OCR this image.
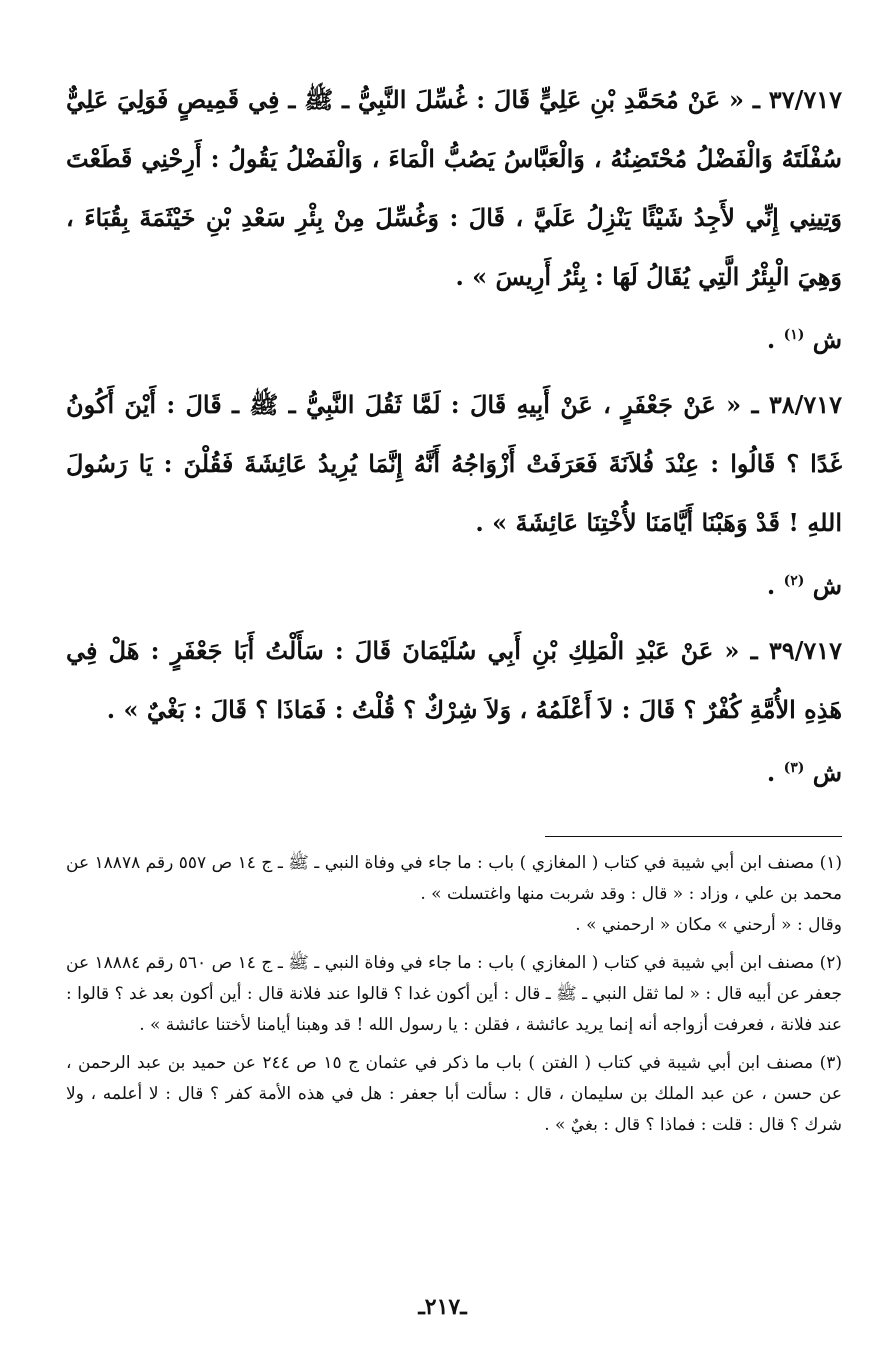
٣٧/٧١٧ ـ « عَنْ مُحَمَّدِ بْنِ عَلِيٍّ قَالَ : غُسِّلَ النَّبِيُّ ـ ﷺ ـ فِي قَمِيصٍ فَوَلِيَ عَلِيٌّ سُفْلَتَهُ وَالْفَضْلُ مُحْتَضِنُهُ ، وَالْعَبَّاسُ يَصُبُّ الْمَاءَ ، وَالْفَضْلُ يَقُولُ : أَرِحْنِي قَطَعْتَ وَتِينِي إِنِّي لأَجِدُ شَيْئًا يَنْزِلُ عَلَيَّ ، قَالَ : وَغُسِّلَ مِنْ بِئْرِ سَعْدِ بْنِ خَيْثَمَةَ بِقُبَاءَ ، وَهِيَ الْبِئْرُ الَّتِي يُقَالُ لَهَا : بِئْرُ أَرِيسَ » .

ش $^{(١)}$ .

٣٨/٧١٧ ـ « عَنْ جَعْفَرٍ ، عَنْ أَبِيهِ قَالَ : لَمَّا ثَقُلَ النَّبِيُّ ـ ﷺ ـ قَالَ : أَيْنَ أَكُونُ غَدًا ؟ قَالُوا : عِنْدَ فُلاَنَةَ فَعَرَفَتْ أَزْوَاجُهُ أَنَّهُ إِنَّمَا يُرِيدُ عَائِشَةَ فَقُلْنَ : يَا رَسُولَ اللهِ ! قَدْ وَهَبْنَا أَيَّامَنَا لأُخْتِنَا عَائِشَةَ » .

ش $^{(٢)}$ .

٣٩/٧١٧ ـ « عَنْ عَبْدِ الْمَلِكِ بْنِ أَبِي سُلَيْمَانَ قَالَ : سَأَلْتُ أَبَا جَعْفَرٍ : هَلْ فِي هَذِهِ الأُمَّةِ كُفْرٌ ؟ قَالَ : لاَ أَعْلَمُهُ ، وَلاَ شِرْكٌ ؟ قُلْتُ : فَمَاذَا ؟ قَالَ : بَغْيٌ » .

ش $^{(٣)}$ .

(١) مصنف ابن أبي شيبة في كتاب ( المغازي ) باب : ما جاء في وفاة النبي ـ ﷺ ـ ج ١٤ ص ٥٥٧ رقم ١٨٨٧٨ عن محمد بن علي ، وزاد : « قال : وقد شربت منها واغتسلت » .
وقال : « أرحني » مكان « ارحمني » .

(٢) مصنف ابن أبي شيبة في كتاب ( المغازي ) باب : ما جاء في وفاة النبي ـ ﷺ ـ ج ١٤ ص ٥٦٠ رقم ١٨٨٨٤ عن جعفر عن أبيه قال : « لما ثقل النبي ـ ﷺ ـ قال : أين أكون غدا ؟ قالوا عند فلانة قال : أين أكون بعد غد ؟ قالوا : عند فلانة ، فعرفت أزواجه أنه إنما يريد عائشة ، فقلن : يا رسول الله ! قد وهبنا أيامنا لأختنا عائشة » .

(٣) مصنف ابن أبي شيبة في كتاب ( الفتن ) باب ما ذكر في عثمان ج ١٥ ص ٢٤٤ عن حميد بن عبد الرحمن ، عن حسن ، عن عبد الملك بن سليمان ، قال : سألت أبا جعفر : هل في هذه الأمة كفر ؟ قال : لا أعلمه ، ولا شرك ؟ قال : قلت : فماذا ؟ قال : بغيٌ » .

ـ٢١٧ـ
